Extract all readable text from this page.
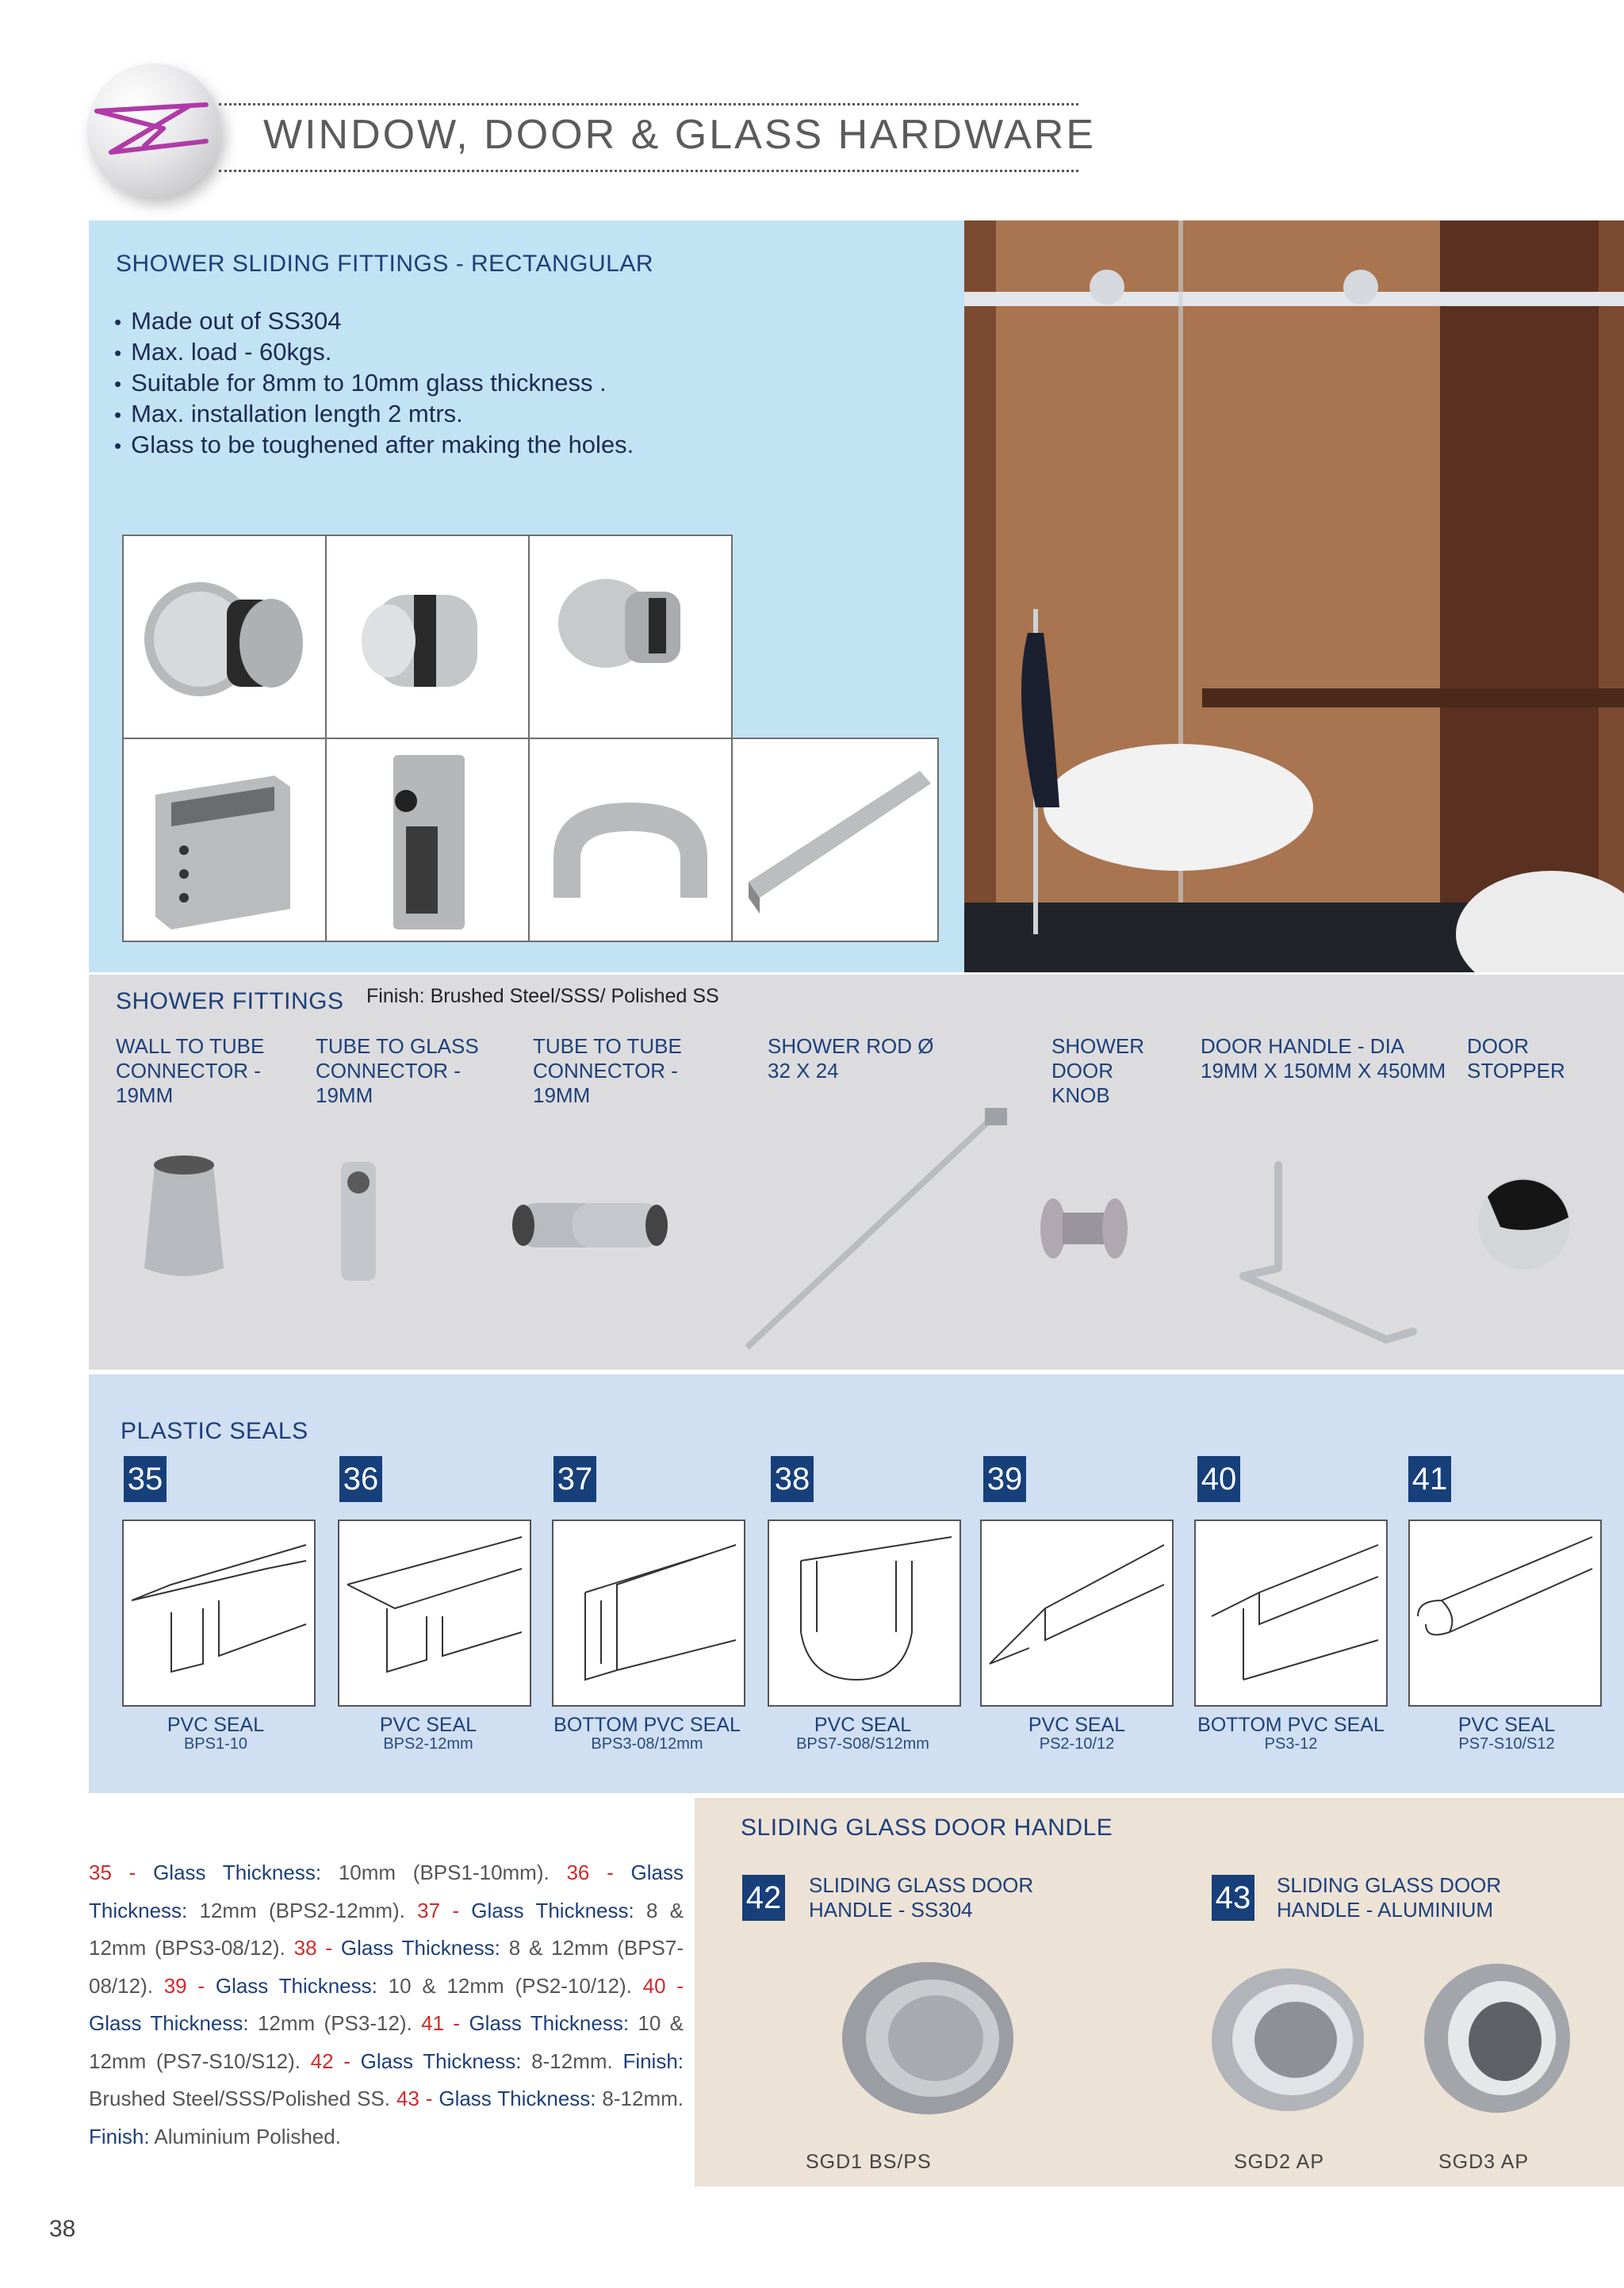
WINDOW, DOOR & GLASS HARDWARE
SHOWER SLIDING FITTINGS - RECTANGULAR
• Made out of SS304
• Max. load - 60kgs.
• Suitable for 8mm to 10mm glass thickness .
• Max. installation length 2 mtrs.
• Glass to be toughened after making the holes.
SHOWER FITTINGS Finish: Brushed Steel/SSS/ Polished SS
WALL TO TUBE CONNECTOR - 19MM
TUBE TO GLASS CONNECTOR - 19MM
TUBE TO TUBE CONNECTOR - 19MM
SHOWER ROD Ø 32 X 24
SHOWER DOOR KNOB
DOOR HANDLE - DIA 19MM X 150MM X 450MM
DOOR STOPPER
PLASTIC SEALS
35	36	37	38	39	40	41
PVC SEAL
BPS1-10
PVC SEAL
BPS2-12mm
BOTTOM PVC SEAL
BPS3-08/12mm
PVC SEAL
BPS7-S08/S12mm
PVC SEAL
PS2-10/12
BOTTOM PVC SEAL
PS3-12
PVC SEAL
PS7-S10/S12
35 - Glass Thickness: 10mm (BPS1-10mm). 36 - Glass Thickness: 12mm (BPS2-12mm). 37 - Glass Thickness: 8 & 12mm (BPS3-08/12). 38 - Glass Thickness: 8 & 12mm (BPS7-08/12). 39 - Glass Thickness: 10 & 12mm (PS2-10/12). 40 - Glass Thickness: 12mm (PS3-12). 41 - Glass Thickness: 10 & 12mm (PS7-S10/S12). 42 - Glass Thickness: 8-12mm. Finish: Brushed Steel/SSS/Polished SS. 43 - Glass Thickness: 8-12mm. Finish: Aluminium Polished.
SLIDING GLASS DOOR HANDLE
42 SLIDING GLASS DOOR
HANDLE - SS304	43 SLIDING GLASS DOOR
HANDLE - ALUMINIUM
SGD1 BS/PS	SGD2 AP	SGD3 AP
38
